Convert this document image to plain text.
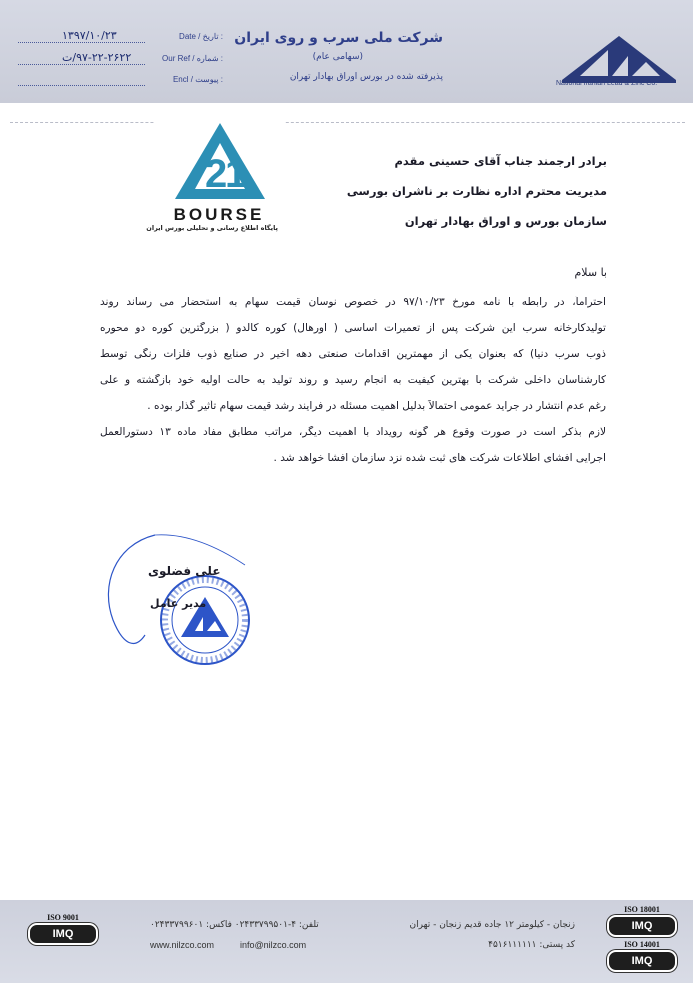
National Iranian Lead & Zinc Co.
شرکت ملی سرب و روی ایران
(سهامی عام)
پذیرفته شده در بورس اوراق بهادار تهران
۱۳۹۷/۱۰/۲۳	Date / تاریخ :
۹۷-۲۲-۲۶۲۲/ت	Our Ref / شماره :
Encl / پیوست :
2
1
BOURSE
پایگاه اطلاع رسانی و تحلیلی بورس ایران
برادر ارجمند جناب آقای حسینی مقدم
مدیریت محترم اداره نظارت بر ناشران بورسی
سازمان بورس و اوراق بهادار تهران
با سلام
احتراماً، در رابطه با نامه مورخ ۹۷/۱۰/۲۳ در خصوص نوسان قیمت سهام به استحضار می رساند روند
تولیدکارخانه سرب این شرکت پس از تعمیرات اساسی ( اورهال) کوره کالدو ( بزرگترین کوره دو محوره
ذوب سرب دنیا) که بعنوان یکی از مهمترین اقدامات صنعتی دهه اخیر در صنایع ذوب فلزات رنگی توسط
کارشناسان داخلی شرکت با بهترین کیفیت به انجام رسید و روند تولید به حالت اولیه خود بازگشته و علی
رغم عدم انتشار در جراید عمومی احتمالاً بدلیل اهمیت مسئله در فرایند رشد قیمت سهام تأثیر گذار بوده .
لازم بذکر است در صورت وقوع هر گونه رویداد با اهمیت دیگر، مراتب مطابق مفاد ماده ۱۳ دستورالعمل
اجرایی افشای اطلاعات شرکت های ثبت شده نزد سازمان افشا خواهد شد .
علی فضلوی
مدیر عامل
ISO 9001
IMQ
ISO 18001
IMQ
ISO 14001
IMQ
زنجان - کیلومتر ۱۲ جاده قدیم زنجان - تهران
تلفن: ۴-۰۲۴۳۳۷۹۹۵۰۱ فاکس: ۰۲۴۳۳۷۹۹۶۰۱
کد پستی: ۴۵۱۶۱۱۱۱۱۱
www.nilzco.com	info@nilzco.com
